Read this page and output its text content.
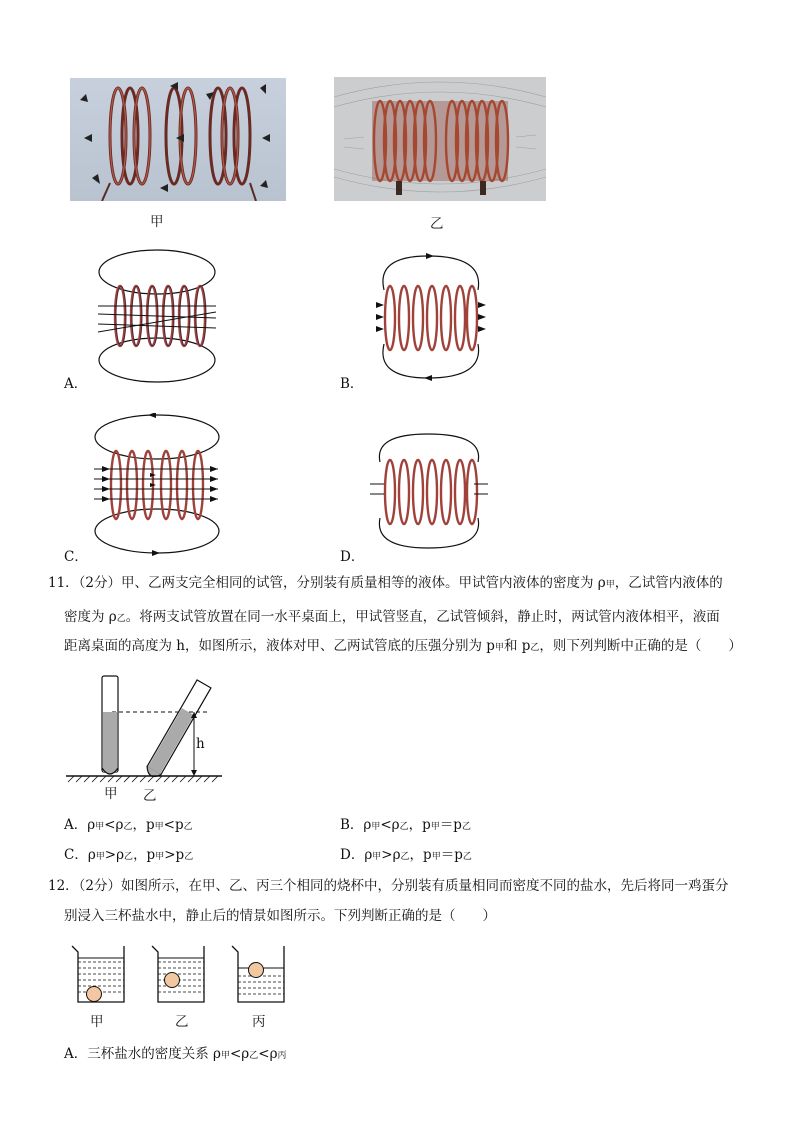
甲	乙
A．	B．
C．	D．
11．（2分）甲、乙两支完全相同的试管，分别装有质量相等的液体。甲试管内液体的密度为 ρ甲，乙试管内液体的
密度为 ρ乙。将两支试管放置在同一水平桌面上，甲试管竖直，乙试管倾斜，静止时，两试管内液体相平，液面
距离桌面的高度为 h，如图所示，液体对甲、乙两试管底的压强分别为 p甲和 p乙，则下列判断中正确的是（　　）
h
甲 乙
A．ρ甲<ρ乙，p甲<p乙	B．ρ甲<ρ乙，p甲＝p乙
C．ρ甲>ρ乙，p甲>p乙	D．ρ甲>ρ乙，p甲＝p乙
12．（2分）如图所示，在甲、乙、丙三个相同的烧杯中，分别装有质量相同而密度不同的盐水，先后将同一鸡蛋分
别浸入三杯盐水中，静止后的情景如图所示。下列判断正确的是（　　）
甲	乙	丙
A．三杯盐水的密度关系 ρ甲<ρ乙<ρ丙
